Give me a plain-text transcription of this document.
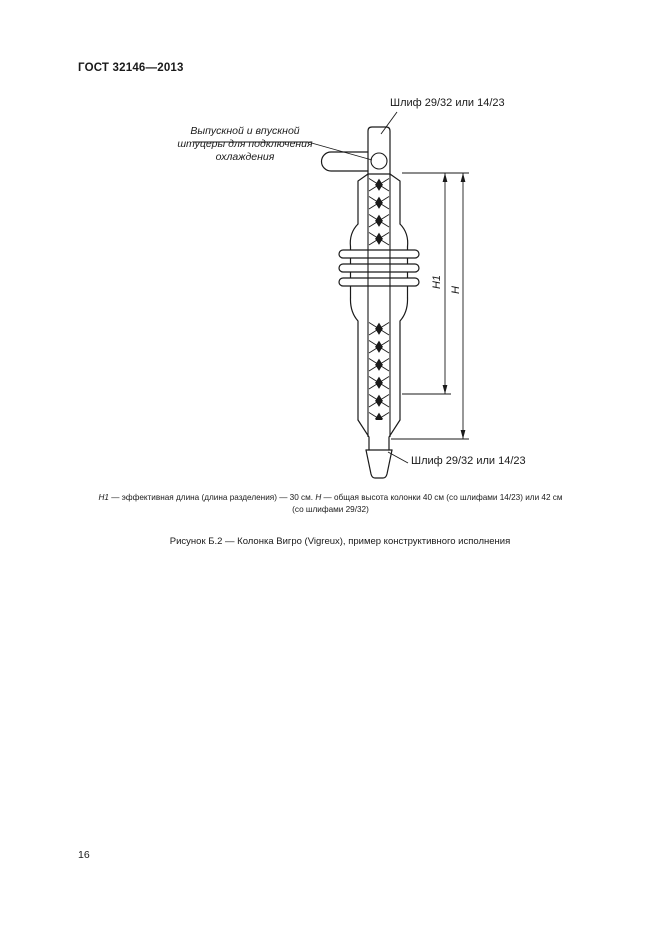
ГОСТ 32146—2013
Шлиф 29/32 или 14/23
Выпускной и впускной
штуцеры для подключения
охлаждения
Шлиф 29/32 или 14/23
Н1
Н
Н1 — эффективная длина (длина разделения) — 30 см. Н — общая высота колонки 40 см (со шлифами 14/23) или 42 см
(со шлифами 29/32)
Рисунок Б.2 — Колонка Вигро (Vigreux), пример конструктивного исполнения
16
